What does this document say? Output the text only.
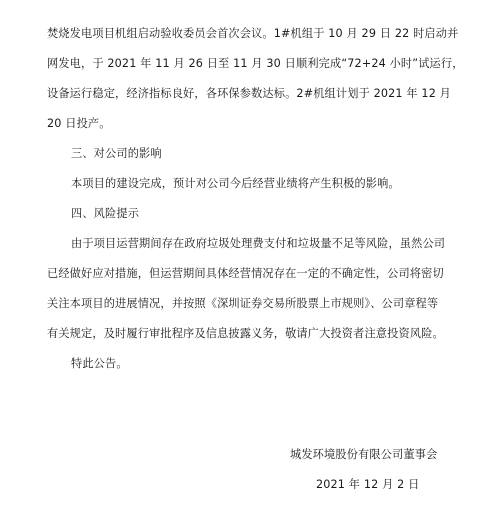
焚烧发电项目机组启动验收委员会首次会议。1#机组于 10 月 29 日 22 时启动并
网发电，于 2021 年 11 月 26 日至 11 月 30 日顺利完成“72+24 小时”试运行，
设备运行稳定，经济指标良好，各环保参数达标。2#机组计划于 2021 年 12 月
20 日投产。
三、对公司的影响
本项目的建设完成，预计对公司今后经营业绩将产生积极的影响。
四、风险提示
由于项目运营期间存在政府垃圾处理费支付和垃圾量不足等风险，虽然公司
已经做好应对措施，但运营期间具体经营情况存在一定的不确定性，公司将密切
关注本项目的进展情况，并按照《深圳证券交易所股票上市规则》、公司章程等
有关规定，及时履行审批程序及信息披露义务，敬请广大投资者注意投资风险。
特此公告。
城发环境股份有限公司董事会
2021 年 12 月 2 日
